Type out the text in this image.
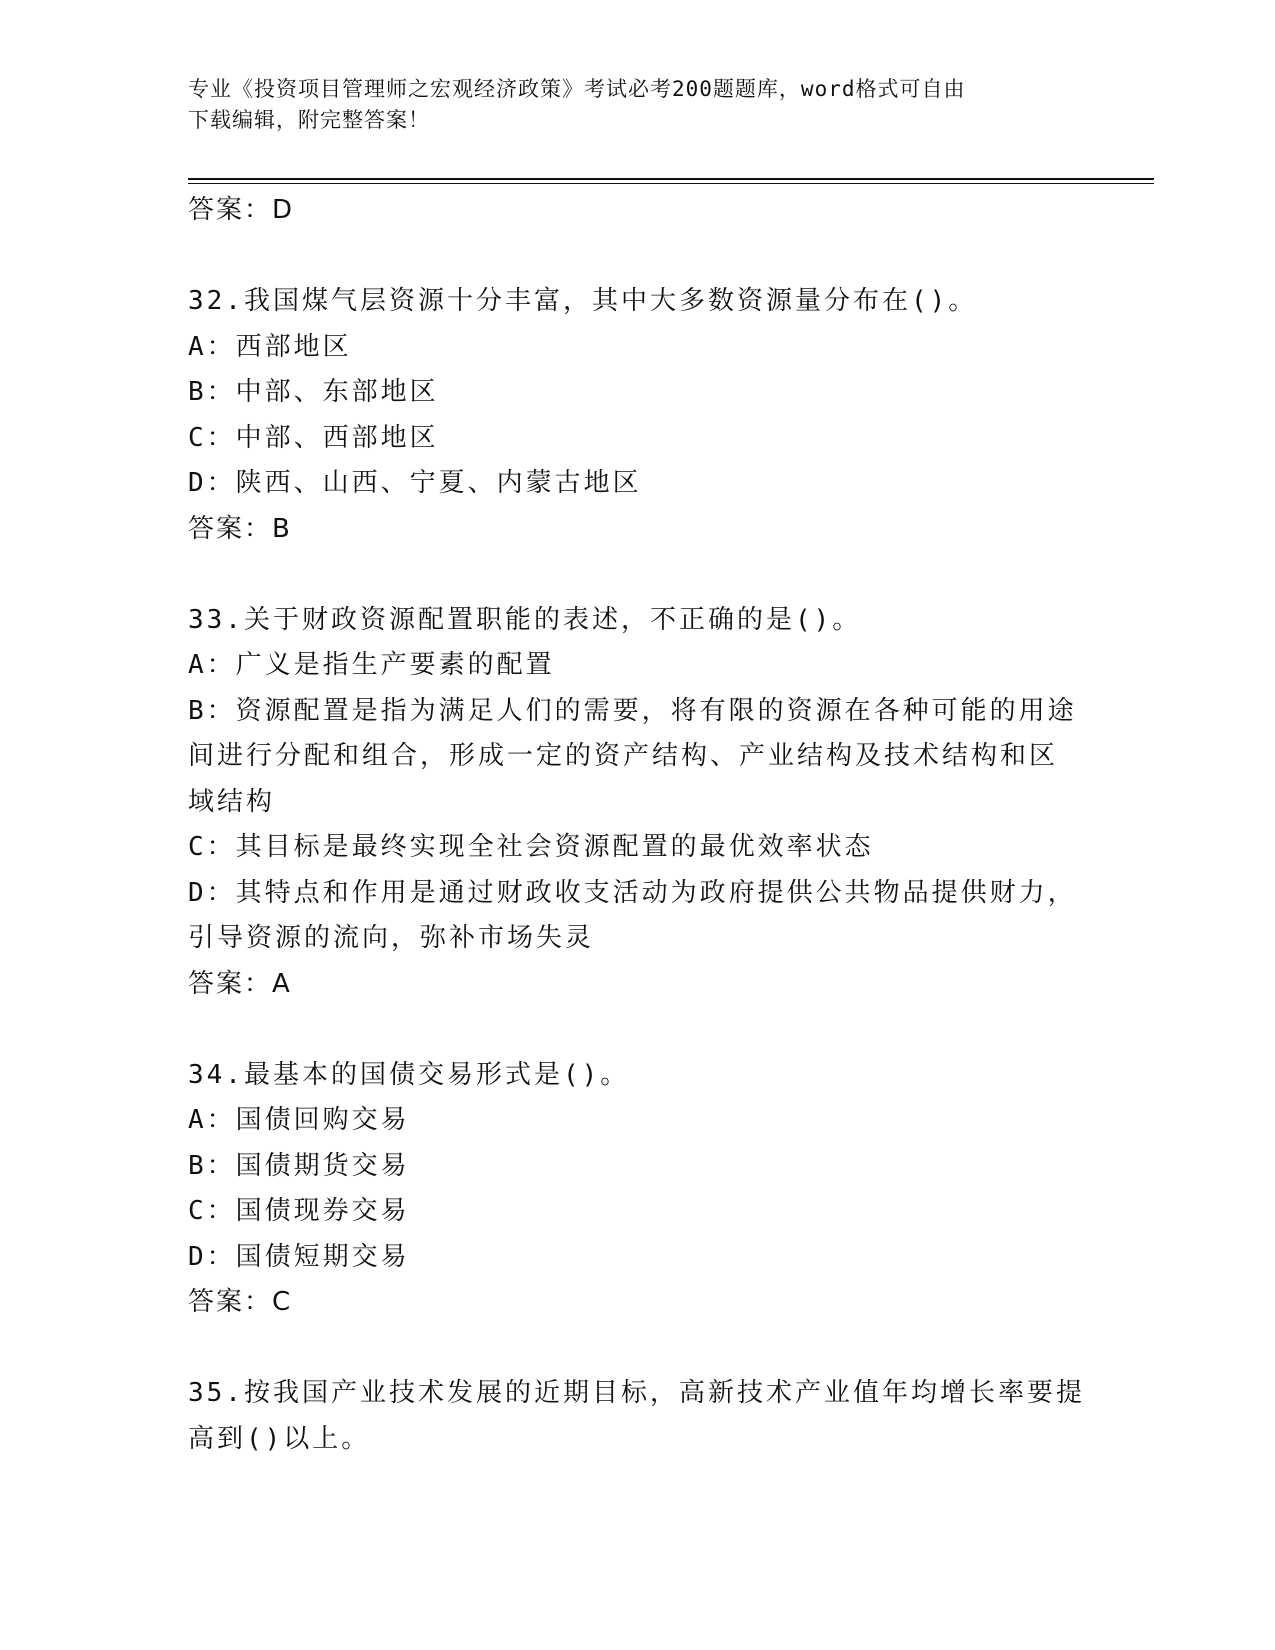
专业《投资项目管理师之宏观经济政策》考试必考200题题库，word格式可自由
下载编辑，附完整答案！
答案：D
32.我国煤气层资源十分丰富，其中大多数资源量分布在()。
A：西部地区
B：中部、东部地区
C：中部、西部地区
D：陕西、山西、宁夏、内蒙古地区
答案：B
33.关于财政资源配置职能的表述，不正确的是()。
A：广义是指生产要素的配置
B：资源配置是指为满足人们的需要，将有限的资源在各种可能的用途
间进行分配和组合，形成一定的资产结构、产业结构及技术结构和区
域结构
C：其目标是最终实现全社会资源配置的最优效率状态
D：其特点和作用是通过财政收支活动为政府提供公共物品提供财力，
引导资源的流向，弥补市场失灵
答案：A
34.最基本的国债交易形式是()。
A：国债回购交易
B：国债期货交易
C：国债现券交易
D：国债短期交易
答案：C
35.按我国产业技术发展的近期目标，高新技术产业值年均增长率要提
高到()以上。
